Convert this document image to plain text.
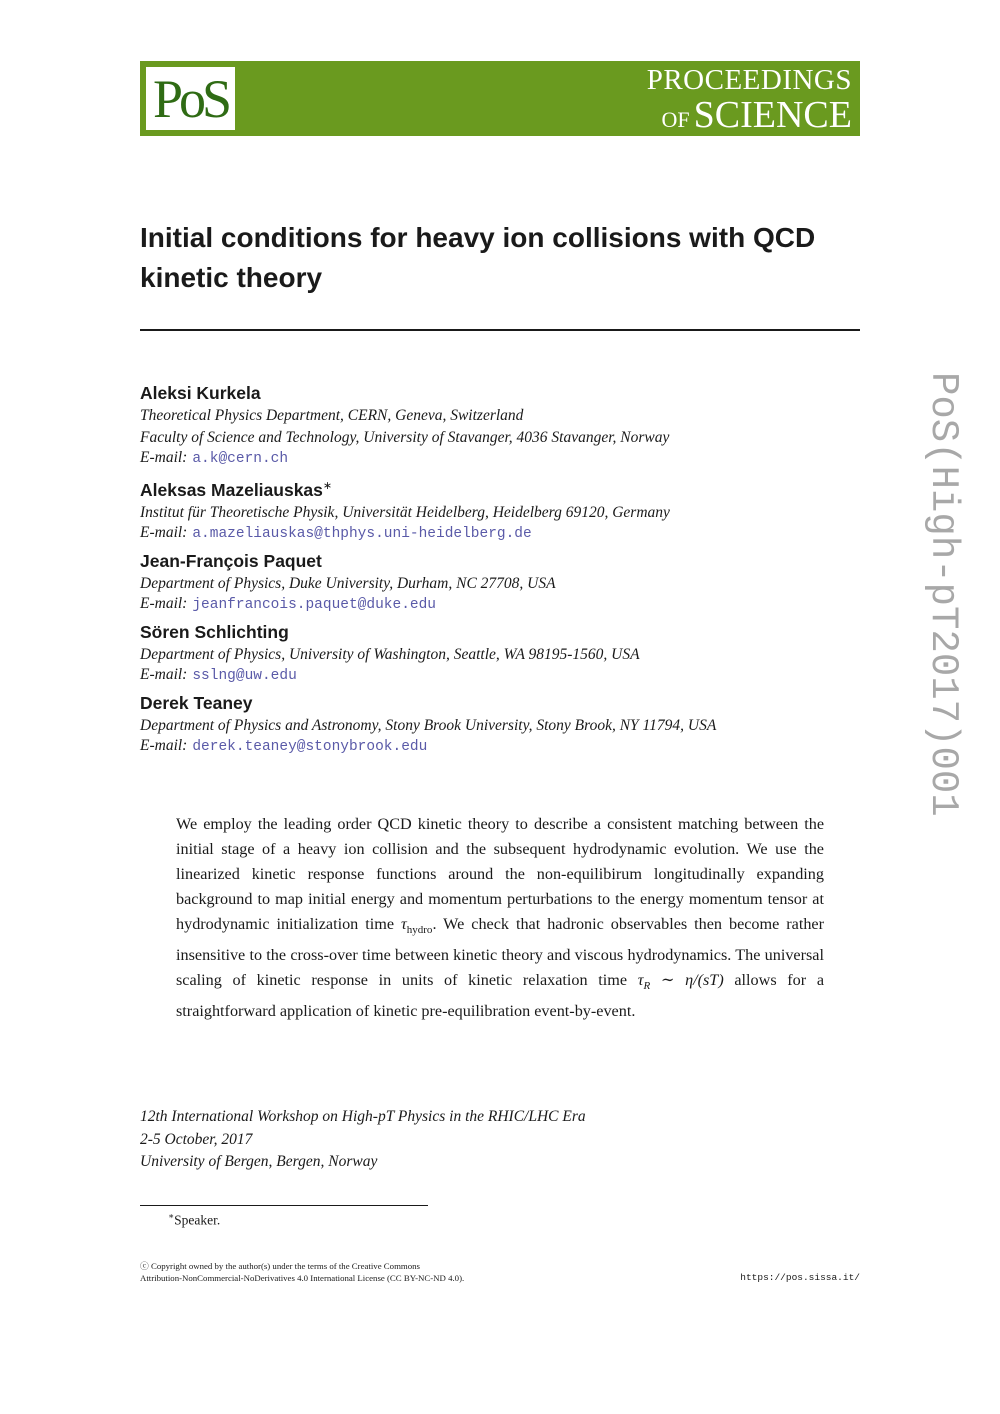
PoS	PROCEEDINGS
OF SCIENCE
Initial conditions for heavy ion collisions with QCD kinetic theory
Aleksi Kurkela
Theoretical Physics Department, CERN, Geneva, Switzerland
Faculty of Science and Technology, University of Stavanger, 4036 Stavanger, Norway
E-mail: a.k@cern.ch
Aleksas Mazeliauskas∗
Institut für Theoretische Physik, Universität Heidelberg, Heidelberg 69120, Germany
E-mail: a.mazeliauskas@thphys.uni-heidelberg.de
Jean-François Paquet
Department of Physics, Duke University, Durham, NC 27708, USA
E-mail: jeanfrancois.paquet@duke.edu
Sören Schlichting
Department of Physics, University of Washington, Seattle, WA 98195-1560, USA
E-mail: sslng@uw.edu
Derek Teaney
Department of Physics and Astronomy, Stony Brook University, Stony Brook, NY 11794, USA
E-mail: derek.teaney@stonybrook.edu

We employ the leading order QCD kinetic theory to describe a consistent matching between the initial stage of a heavy ion collision and the subsequent hydrodynamic evolution. We use the linearized kinetic response functions around the non-equilibirum longitudinally expanding background to map initial energy and momentum perturbations to the energy momentum tensor at hydrodynamic initialization time $\tau_{hydro}$. We check that hadronic observables then become rather insensitive to the cross-over time between kinetic theory and viscous hydrodynamics. The universal scaling of kinetic response in units of kinetic relaxation time $\tau_R$ ∼ η/(sT) allows for a straightforward application of kinetic pre-equilibration event-by-event.

12th International Workshop on High-pT Physics in the RHIC/LHC Era
2-5 October, 2017
University of Bergen, Bergen, Norway
∗Speaker.
ⓒ Copyright owned by the author(s) under the terms of the Creative Commons
Attribution-NonCommercial-NoDerivatives 4.0 International License (CC BY-NC-ND 4.0).	https://pos.sissa.it/
PoS(High-pT2017)001
